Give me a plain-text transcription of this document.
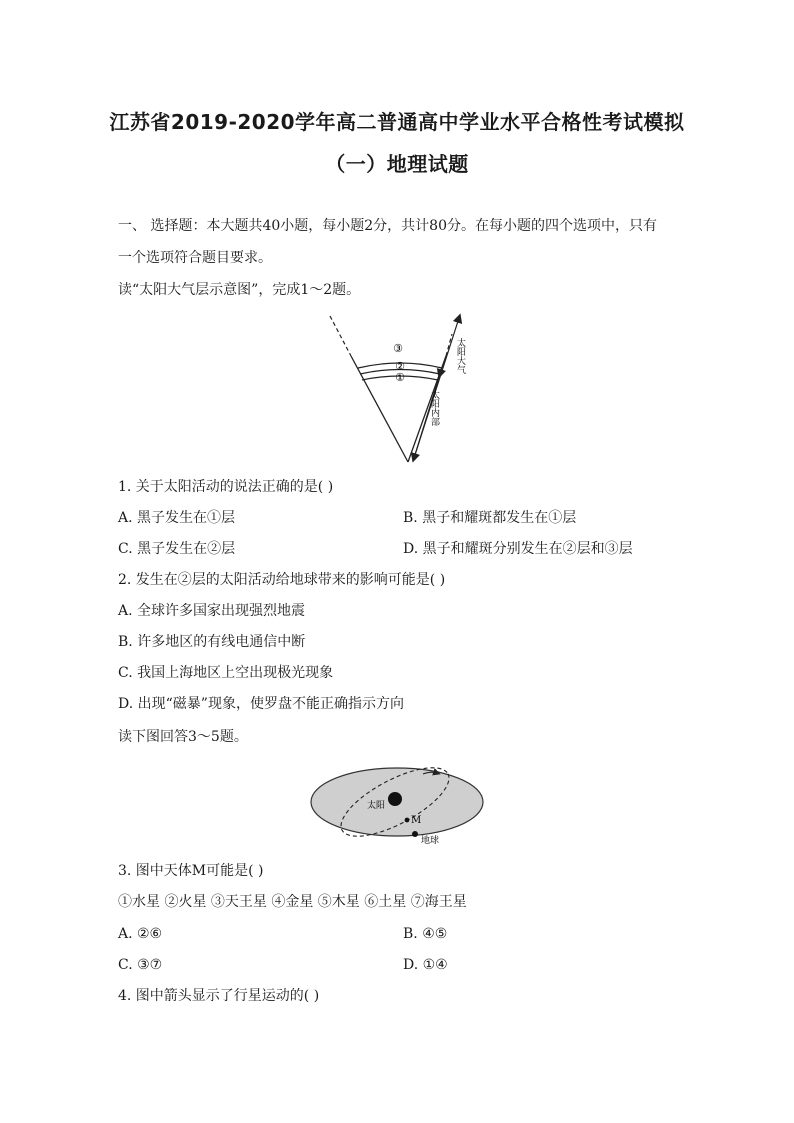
江苏省2019-2020学年高二普通高中学业水平合格性考试模拟
（一）地理试题
一、 选择题：本大题共40小题，每小题2分，共计80分。在每小题的四个选项中，只有
一个选项符合题目要求。
读“太阳大气层示意图”，完成1～2题。
③
②
①
太阳大气
太阳内部
1. 关于太阳活动的说法正确的是( )
A. 黑子发生在①层	B. 黑子和耀斑都发生在①层
C. 黑子发生在②层	D. 黑子和耀斑分别发生在②层和③层
2. 发生在②层的太阳活动给地球带来的影响可能是( )
A. 全球许多国家出现强烈地震
B. 许多地区的有线电通信中断
C. 我国上海地区上空出现极光现象
D. 出现“磁暴”现象，使罗盘不能正确指示方向
读下图回答3～5题。
太阳
M
地球
3. 图中天体M可能是( )
①水星 ②火星 ③天王星 ④金星 ⑤木星 ⑥土星 ⑦海王星
A. ②⑥	B. ④⑤
C. ③⑦	D. ①④
4. 图中箭头显示了行星运动的( )
